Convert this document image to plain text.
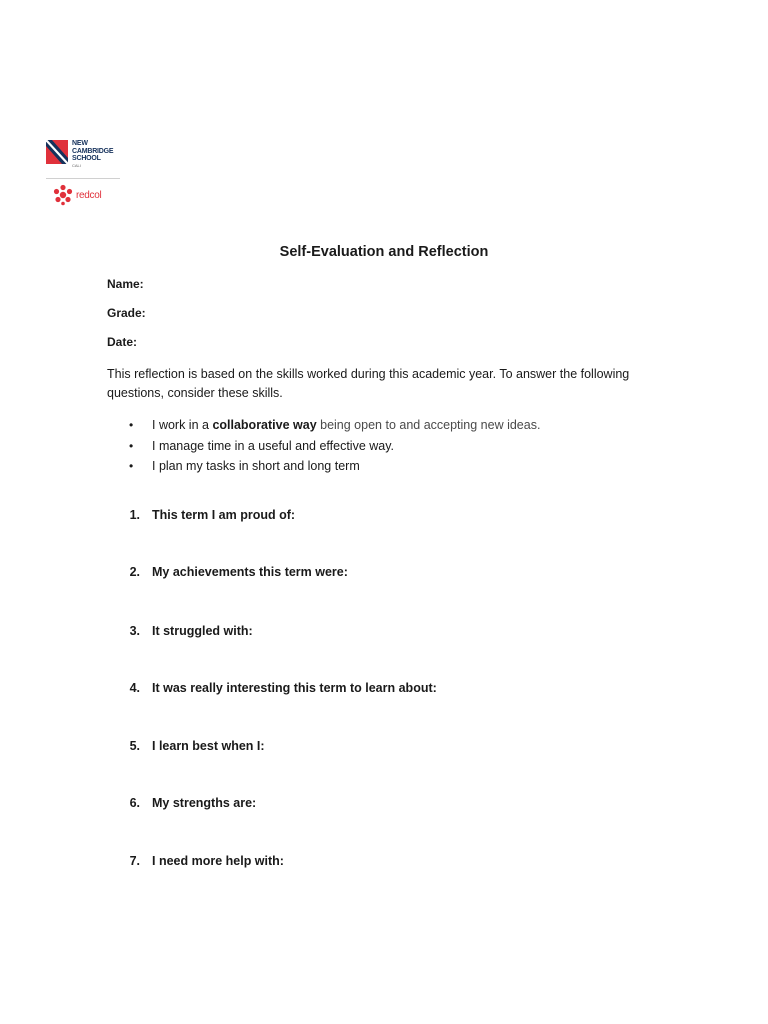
NEW
CAMBRIDGE
SCHOOL
CALI
redcol
Self-Evaluation and Reflection
Name:
Grade:
Date:
This reflection is based on the skills worked during this academic year. To answer the following questions, consider these skills.
• I work in a collaborative way being open to and accepting new ideas.
• I manage time in a useful and effective way.
• I plan my tasks in short and long term
1. This term I am proud of:
2. My achievements this term were:
3. It struggled with:
4. It was really interesting this term to learn about:
5. I learn best when I:
6. My strengths are:
7. I need more help with:
